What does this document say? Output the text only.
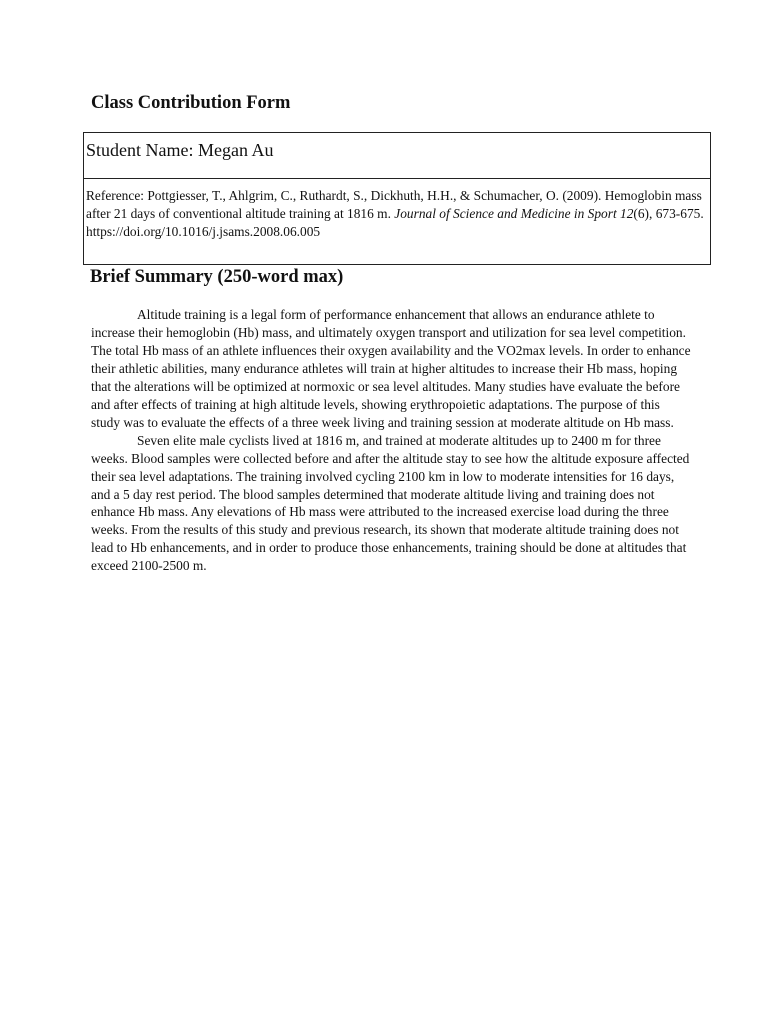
Class Contribution Form
Student Name: Megan Au
Reference: Pottgiesser, T., Ahlgrim, C., Ruthardt, S., Dickhuth, H.H., & Schumacher, O. (2009). Hemoglobin mass after 21 days of conventional altitude training at 1816 m. Journal of Science and Medicine in Sport 12(6), 673-675. https://doi.org/10.1016/j.jsams.2008.06.005
Brief Summary (250-word max)

Altitude training is a legal form of performance enhancement that allows an endurance athlete to increase their hemoglobin (Hb) mass, and ultimately oxygen transport and utilization for sea level competition. The total Hb mass of an athlete influences their oxygen availability and the VO2max levels. In order to enhance their athletic abilities, many endurance athletes will train at higher altitudes to increase their Hb mass, hoping that the alterations will be optimized at normoxic or sea level altitudes. Many studies have evaluate the before and after effects of training at high altitude levels, showing erythropoietic adaptations. The purpose of this study was to evaluate the effects of a three week living and training session at moderate altitude on Hb mass.

Seven elite male cyclists lived at 1816 m, and trained at moderate altitudes up to 2400 m for three weeks. Blood samples were collected before and after the altitude stay to see how the altitude exposure affected their sea level adaptations. The training involved cycling 2100 km in low to moderate intensities for 16 days, and a 5 day rest period. The blood samples determined that moderate altitude living and training does not enhance Hb mass. Any elevations of Hb mass were attributed to the increased exercise load during the three weeks. From the results of this study and previous research, its shown that moderate altitude training does not lead to Hb enhancements, and in order to produce those enhancements, training should be done at altitudes that exceed 2100-2500 m.
